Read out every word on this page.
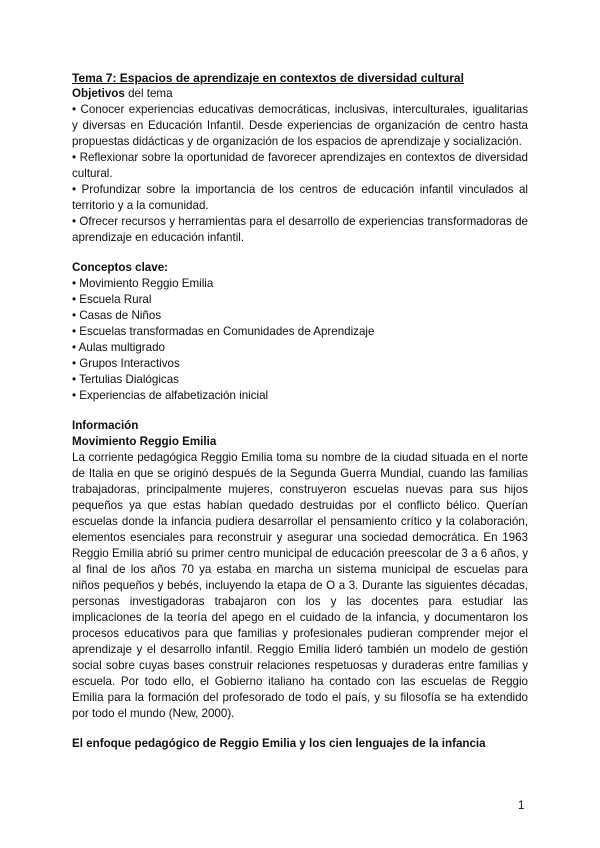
Tema 7: Espacios de aprendizaje en contextos de diversidad cultural

Objetivos del tema

• Conocer experiencias educativas democráticas, inclusivas, interculturales, igualitarias y diversas en Educación Infantil. Desde experiencias de organización de centro hasta propuestas didácticas y de organización de los espacios de aprendizaje y socialización.
• Reflexionar sobre la oportunidad de favorecer aprendizajes en contextos de diversidad cultural.
• Profundizar sobre la importancia de los centros de educación infantil vinculados al territorio y a la comunidad.
• Ofrecer recursos y herramientas para el desarrollo de experiencias transformadoras de aprendizaje en educación infantil.

Conceptos clave:

• Movimiento Reggio Emilia
• Escuela Rural
• Casas de Niños
• Escuelas transformadas en Comunidades de Aprendizaje
• Aulas multigrado
• Grupos Interactivos
• Tertulias Dialógicas
• Experiencias de alfabetización inicial

Información

Movimiento Reggio Emilia

La corriente pedagógica Reggio Emilia toma su nombre de la ciudad situada en el norte de Italia en que se originó después de la Segunda Guerra Mundial, cuando las familias trabajadoras, principalmente mujeres, construyeron escuelas nuevas para sus hijos pequeños ya que estas habían quedado destruidas por el conflicto bélico. Querían escuelas donde la infancia pudiera desarrollar el pensamiento crítico y la colaboración, elementos esenciales para reconstruir y asegurar una sociedad democrática. En 1963 Reggio Emilia abrió su primer centro municipal de educación preescolar de 3 a 6 años, y al final de los años 70 ya estaba en marcha un sistema municipal de escuelas para niños pequeños y bebés, incluyendo la etapa de O a 3. Durante las siguientes décadas, personas investigadoras trabajaron con los y las docentes para estudiar las implicaciones de la teoría del apego en el cuidado de la infancia, y documentaron los procesos educativos para que familias y profesionales pudieran comprender mejor el aprendizaje y el desarrollo infantil. Reggio Emilia lideró también un modelo de gestión social sobre cuyas bases construir relaciones respetuosas y duraderas entre familias y escuela. Por todo ello, el Gobierno italiano ha contado con las escuelas de Reggio Emilia para la formación del profesorado de todo el país, y su filosofía se ha extendido por todo el mundo (New, 2000).

El enfoque pedagógico de Reggio Emilia y los cien lenguajes de la infancia

1
